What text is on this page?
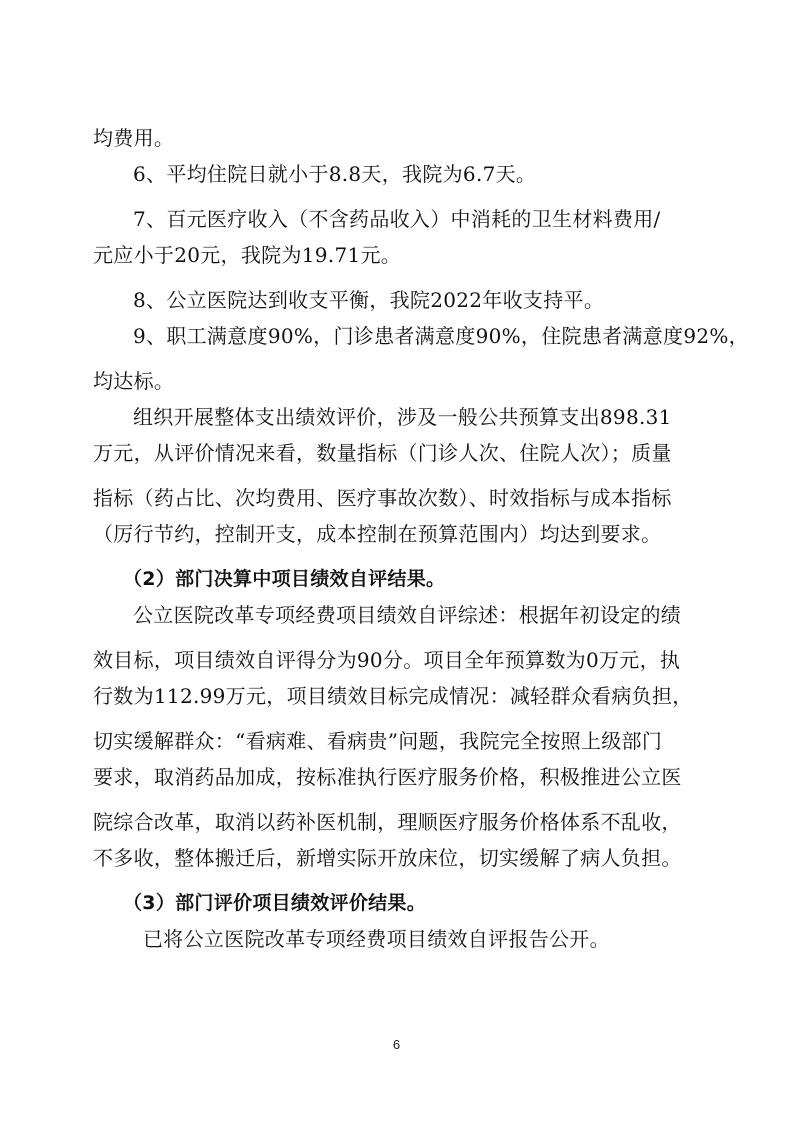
均费用。
6、平均住院日就小于8.8天，我院为6.7天。
7、百元医疗收入（不含药品收入）中消耗的卫生材料费用/
元应小于20元，我院为19.71元。
8、公立医院达到收支平衡，我院2022年收支持平。
9、职工满意度90%，门诊患者满意度90%，住院患者满意度92%，
均达标。
组织开展整体支出绩效评价，涉及一般公共预算支出898.31
万元，从评价情况来看，数量指标（门诊人次、住院人次）；质量
指标（药占比、次均费用、医疗事故次数）、时效指标与成本指标
（厉行节约，控制开支，成本控制在预算范围内）均达到要求。
（2）部门决算中项目绩效自评结果。
公立医院改革专项经费项目绩效自评综述：根据年初设定的绩
效目标，项目绩效自评得分为90分。项目全年预算数为0万元，执
行数为112.99万元，项目绩效目标完成情况：减轻群众看病负担，
切实缓解群众：“看病难、看病贵”问题，我院完全按照上级部门
要求，取消药品加成，按标准执行医疗服务价格，积极推进公立医
院综合改革，取消以药补医机制，理顺医疗服务价格体系不乱收，
不多收，整体搬迁后，新增实际开放床位，切实缓解了病人负担。
（3）部门评价项目绩效评价结果。
已将公立医院改革专项经费项目绩效自评报告公开。
6
